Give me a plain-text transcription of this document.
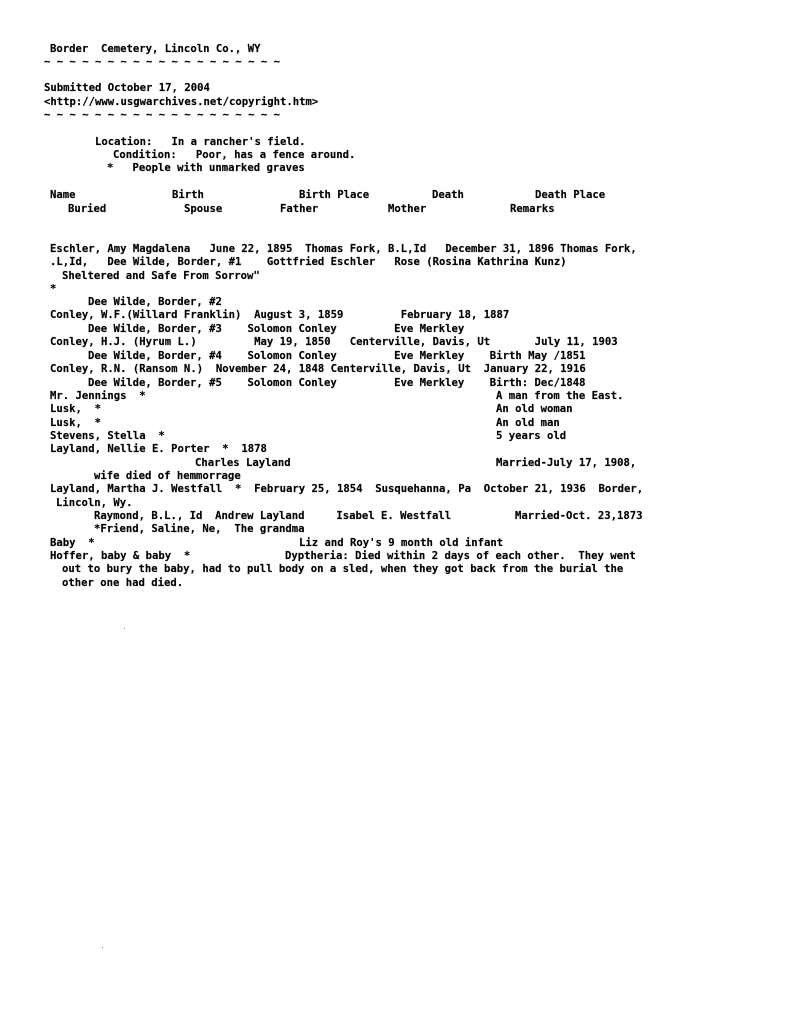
Border  Cemetery, Lincoln Co., WY
~ ~ ~ ~ ~ ~ ~ ~ ~ ~ ~ ~ ~ ~ ~ ~ ~ ~ ~
Submitted October 17, 2004
<http://www.usgwarchives.net/copyright.htm>
~ ~ ~ ~ ~ ~ ~ ~ ~ ~ ~ ~ ~ ~ ~ ~ ~ ~ ~
Location:   In a rancher's field.
Condition:   Poor, has a fence around.
*   People with unmarked graves
Name	Birth	Birth Place	Death	Death Place
Buried	Spouse	Father	Mother	Remarks
Eschler, Amy Magdalena   June 22, 1895  Thomas Fork, B.L,Id   December 31, 1896 Thomas Fork,
.L,Id,   Dee Wilde, Border, #1    Gottfried Eschler   Rose (Rosina Kathrina Kunz)
Sheltered and Safe From Sorrow"
*
Dee Wilde, Border, #2
Conley, W.F.(Willard Franklin)  August 3, 1859         February 18, 1887
Dee Wilde, Border, #3    Solomon Conley         Eve Merkley
Conley, H.J. (Hyrum L.)         May 19, 1850   Centerville, Davis, Ut       July 11, 1903
Dee Wilde, Border, #4    Solomon Conley         Eve Merkley    Birth May /1851
Conley, R.N. (Ransom N.)  November 24, 1848 Centerville, Davis, Ut  January 22, 1916
Dee Wilde, Border, #5    Solomon Conley         Eve Merkley    Birth: Dec/1848
Mr. Jennings  *	A man from the East.
Lusk,  *	An old woman
Lusk,  *	An old man
Stevens, Stella  *	5 years old
Layland, Nellie E. Porter  *  1878
Charles Layland	Married-July 17, 1908,
wife died of hemmorrage
Layland, Martha J. Westfall  *  February 25, 1854  Susquehanna, Pa  October 21, 1936  Border,
Lincoln, Wy.
Raymond, B.L., Id  Andrew Layland     Isabel E. Westfall          Married-Oct. 23,1873
*Friend, Saline, Ne,  The grandma
Baby  *	Liz and Roy's 9 month old infant
Hoffer, baby & baby  *	Dyptheria: Died within 2 days of each other.  They went
out to bury the baby, had to pull body on a sled, when they got back from the burial the
other one had died.
